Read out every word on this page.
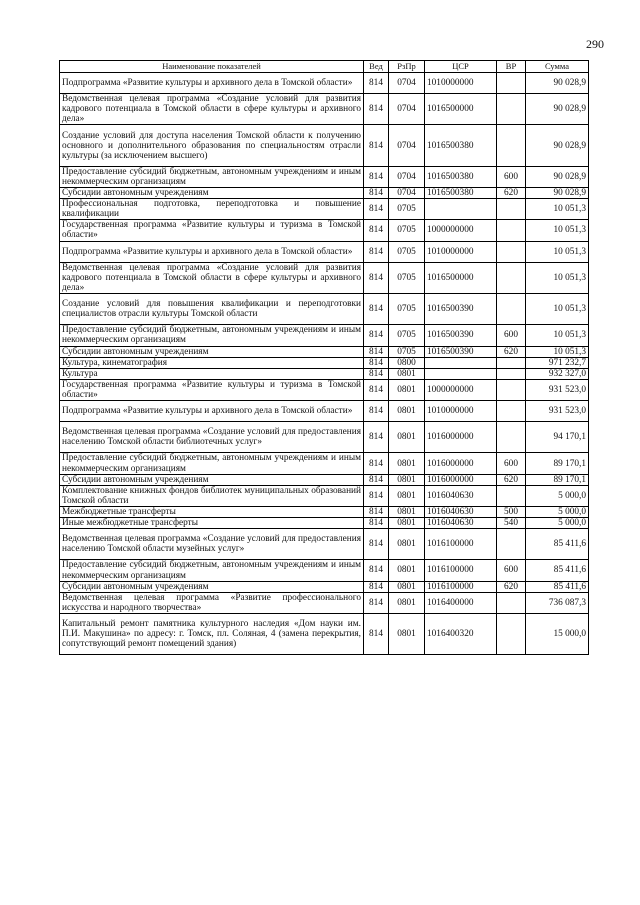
290
Наименование показателей	Вед	РзПр	ЦСР	ВР	Сумма
Подпрограмма «Развитие культуры и архивного дела в Томской области»	814	0704	1010000000		90 028,9
Ведомственная целевая программа «Создание условий для развития кадрового потенциала в Томской области в сфере культуры и архивного дела»	814	0704	1016500000		90 028,9
Создание условий для доступа населения Томской области к получению основного и дополнительного образования по специальностям отрасли культуры (за исключением высшего)	814	0704	1016500380		90 028,9
Предоставление субсидий бюджетным, автономным учреждениям и иным некоммерческим организациям	814	0704	1016500380	600	90 028,9
Субсидии автономным учреждениям	814	0704	1016500380	620	90 028,9
Профессиональная подготовка, переподготовка и повышение квалификации	814	0705			10 051,3
Государственная программа «Развитие культуры и туризма в Томской области»	814	0705	1000000000		10 051,3
Подпрограмма «Развитие культуры и архивного дела в Томской области»	814	0705	1010000000		10 051,3
Ведомственная целевая программа «Создание условий для развития кадрового потенциала в Томской области в сфере культуры и архивного дела»	814	0705	1016500000		10 051,3
Создание условий для повышения квалификации и переподготовки специалистов отрасли культуры Томской области	814	0705	1016500390		10 051,3
Предоставление субсидий бюджетным, автономным учреждениям и иным некоммерческим организациям	814	0705	1016500390	600	10 051,3
Субсидии автономным учреждениям	814	0705	1016500390	620	10 051,3
Культура, кинематография	814	0800			971 232,7
Культура	814	0801			932 327,0
Государственная программа «Развитие культуры и туризма в Томской области»	814	0801	1000000000		931 523,0
Подпрограмма «Развитие культуры и архивного дела в Томской области»	814	0801	1010000000		931 523,0
Ведомственная целевая программа «Создание условий для предоставления населению Томской области библиотечных услуг»	814	0801	1016000000		94 170,1
Предоставление субсидий бюджетным, автономным учреждениям и иным некоммерческим организациям	814	0801	1016000000	600	89 170,1
Субсидии автономным учреждениям	814	0801	1016000000	620	89 170,1
Комплектование книжных фондов библиотек муниципальных образований Томской области	814	0801	1016040630		5 000,0
Межбюджетные трансферты	814	0801	1016040630	500	5 000,0
Иные межбюджетные трансферты	814	0801	1016040630	540	5 000,0
Ведомственная целевая программа «Создание условий для предоставления населению Томской области музейных услуг»	814	0801	1016100000		85 411,6
Предоставление субсидий бюджетным, автономным учреждениям и иным некоммерческим организациям	814	0801	1016100000	600	85 411,6
Субсидии автономным учреждениям	814	0801	1016100000	620	85 411,6
Ведомственная целевая программа «Развитие профессионального искусства и народного творчества»	814	0801	1016400000		736 087,3
Капитальный ремонт памятника культурного наследия «Дом науки им. П.И. Макушина» по адресу: г. Томск, пл. Соляная, 4 (замена перекрытия, сопутствующий ремонт помещений здания)	814	0801	1016400320		15 000,0
